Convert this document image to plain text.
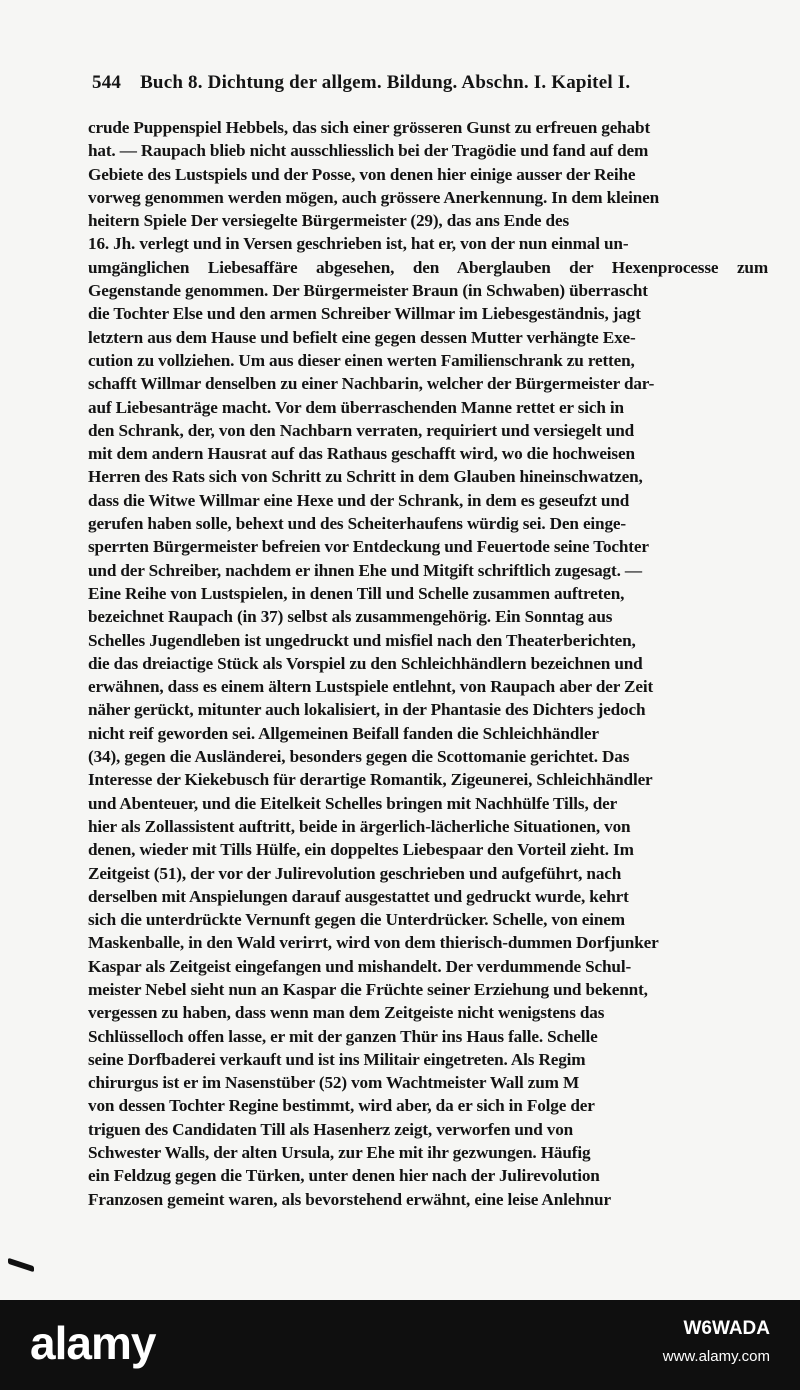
544 Buch 8. Dichtung der allgem. Bildung. Abschn. I. Kapitel I.
crude Puppenspiel Hebbels, das sich einer grösseren Gunst zu erfreuen gehabt
hat. — Raupach blieb nicht ausschliesslich bei der Tragödie und fand auf dem
Gebiete des Lustspiels und der Posse, von denen hier einige ausser der Reihe
vorweg genommen werden mögen, auch grössere Anerkennung. In dem kleinen
heitern Spiele Der versiegelte Bürgermeister (29), das ans Ende des
16. Jh. verlegt und in Versen geschrieben ist, hat er, von der nun einmal un-
umgänglichen Liebesaffäre abgesehen, den Aberglauben der Hexenprocesse zum
Gegenstande genommen. Der Bürgermeister Braun (in Schwaben) überrascht
die Tochter Else und den armen Schreiber Willmar im Liebesgeständnis, jagt
letztern aus dem Hause und befielt eine gegen dessen Mutter verhängte Exe-
cution zu vollziehen. Um aus dieser einen werten Familienschrank zu retten,
schafft Willmar denselben zu einer Nachbarin, welcher der Bürgermeister dar-
auf Liebesanträge macht. Vor dem überraschenden Manne rettet er sich in
den Schrank, der, von den Nachbarn verraten, requiriert und versiegelt und
mit dem andern Hausrat auf das Rathaus geschafft wird, wo die hochweisen
Herren des Rats sich von Schritt zu Schritt in dem Glauben hineinschwatzen,
dass die Witwe Willmar eine Hexe und der Schrank, in dem es geseufzt und
gerufen haben solle, behext und des Scheiterhaufens würdig sei. Den einge-
sperrten Bürgermeister befreien vor Entdeckung und Feuertode seine Tochter
und der Schreiber, nachdem er ihnen Ehe und Mitgift schriftlich zugesagt. —
Eine Reihe von Lustspielen, in denen Till und Schelle zusammen auftreten,
bezeichnet Raupach (in 37) selbst als zusammengehörig. Ein Sonntag aus
Schelles Jugendleben ist ungedruckt und misfiel nach den Theaterberichten,
die das dreiactige Stück als Vorspiel zu den Schleichhändlern bezeichnen und
erwähnen, dass es einem ältern Lustspiele entlehnt, von Raupach aber der Zeit
näher gerückt, mitunter auch lokalisiert, in der Phantasie des Dichters jedoch
nicht reif geworden sei. Allgemeinen Beifall fanden die Schleichhändler
(34), gegen die Ausländerei, besonders gegen die Scottomanie gerichtet. Das
Interesse der Kiekebusch für derartige Romantik, Zigeunerei, Schleichhändler
und Abenteuer, und die Eitelkeit Schelles bringen mit Nachhülfe Tills, der
hier als Zollassistent auftritt, beide in ärgerlich-lächerliche Situationen, von
denen, wieder mit Tills Hülfe, ein doppeltes Liebespaar den Vorteil zieht. Im
Zeitgeist (51), der vor der Julirevolution geschrieben und aufgeführt, nach
derselben mit Anspielungen darauf ausgestattet und gedruckt wurde, kehrt
sich die unterdrückte Vernunft gegen die Unterdrücker. Schelle, von einem
Maskenballe, in den Wald verirrt, wird von dem thierisch-dummen Dorfjunker
Kaspar als Zeitgeist eingefangen und mishandelt. Der verdummende Schul-
meister Nebel sieht nun an Kaspar die Früchte seiner Erziehung und bekennt,
vergessen zu haben, dass wenn man dem Zeitgeiste nicht wenigstens das
Schlüsselloch offen lasse, er mit der ganzen Thür ins Haus falle. Schelle
seine Dorfbaderei verkauft und ist ins Militair eingetreten. Als Regim
chirurgus ist er im Nasenstüber (52) vom Wachtmeister Wall zum M
von dessen Tochter Regine bestimmt, wird aber, da er sich in Folge der
triguen des Candidaten Till als Hasenherz zeigt, verworfen und von
Schwester Walls, der alten Ursula, zur Ehe mit ihr gezwungen. Häufig
ein Feldzug gegen die Türken, unter denen hier nach der Julirevolution
Franzosen gemeint waren, als bevorstehend erwähnt, eine leise Anlehnur
alamy	W6WADA
www.alamy.com
